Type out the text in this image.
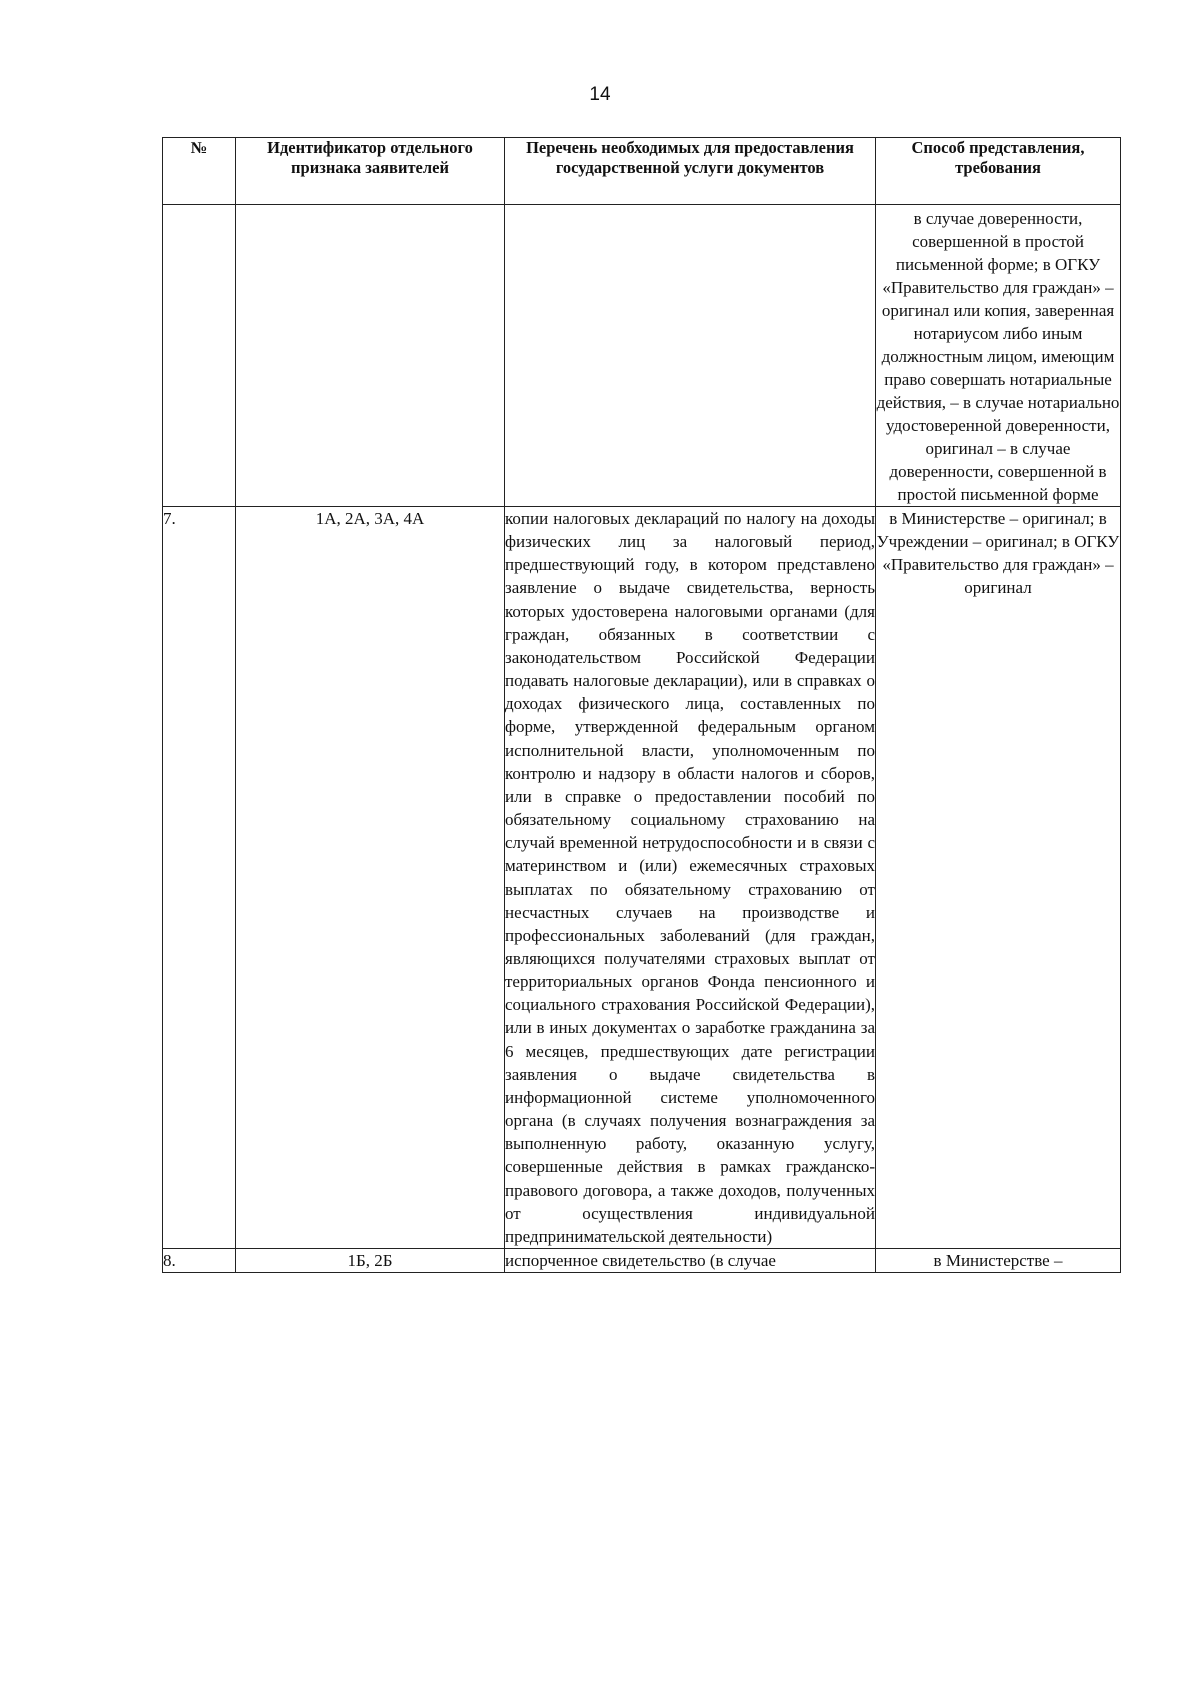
14
№	Идентификатор отдельного признака заявителей	Перечень необходимых для предоставления государственной услуги документов	Способ представления, требования
			в случае доверенности, совершенной в простой письменной форме; в ОГКУ «Правительство для граждан» – оригинал или копия, заверенная нотариусом либо иным должностным лицом, имеющим право совершать нотариальные действия, – в случае нотариально удостоверенной доверенности, оригинал – в случае доверенности, совершенной в простой письменной форме
7.	1А, 2А, 3А, 4А	копии налоговых деклараций по налогу на доходы физических лиц за налоговый период, предшествующий году, в котором представлено заявление о выдаче свидетельства, верность которых удостоверена налоговыми органами (для граждан, обязанных в соответствии с законодательством Российской Федерации подавать налоговые декларации), или в справках о доходах физического лица, составленных по форме, утвержденной федеральным органом исполнительной власти, уполномоченным по контролю и надзору в области налогов и сборов, или в справке о предоставлении пособий по обязательному социальному страхованию на случай временной нетрудоспособности и в связи с материнством и (или) ежемесячных страховых выплатах по обязательному страхованию от несчастных случаев на производстве и профессиональных заболеваний (для граждан, являющихся получателями страховых выплат от территориальных органов Фонда пенсионного и социального страхования Российской Федерации), или в иных документах о заработке гражданина за 6 месяцев, предшествующих дате регистрации заявления о выдаче свидетельства в информационной системе уполномоченного органа (в случаях получения вознаграждения за выполненную работу, оказанную услугу, совершенные действия в рамках гражданско-правового договора, а также доходов, полученных от осуществления индивидуальной предпринимательской деятельности)	в Министерстве – оригинал; в Учреждении – оригинал; в ОГКУ «Правительство для граждан» – оригинал
8.	1Б, 2Б	испорченное свидетельство (в случае	в Министерстве –
